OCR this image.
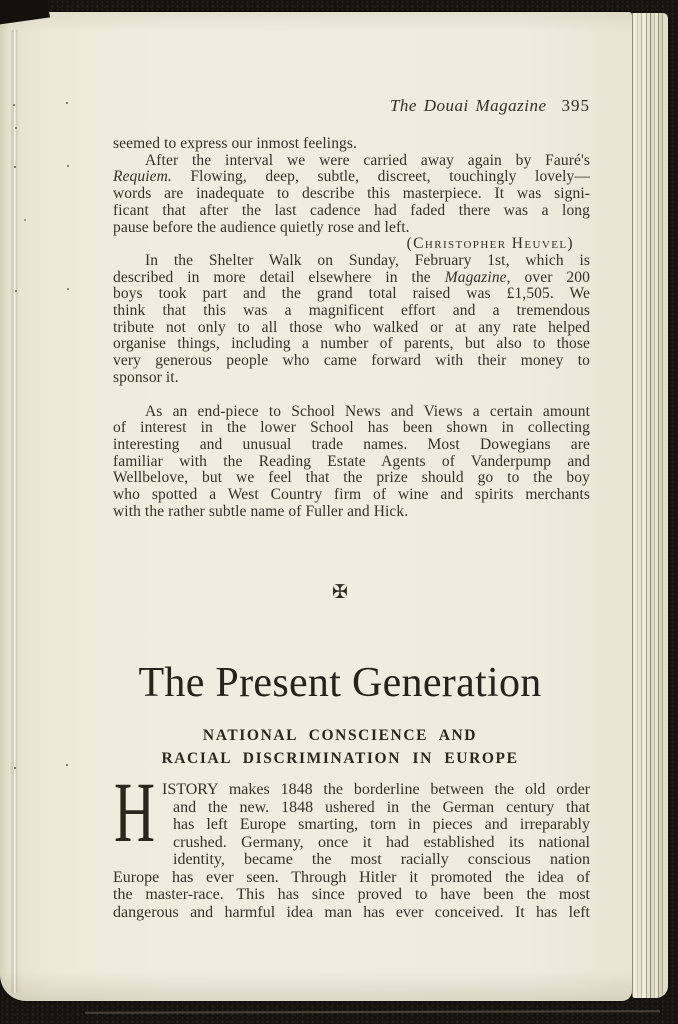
The Douai Magazine 395
seemed to express our inmost feelings.
After the interval we were carried away again by Fauré's
Requiem. Flowing, deep, subtle, discreet, touchingly lovely—
words are inadequate to describe this masterpiece. It was signi-
ficant that after the last cadence had faded there was a long
pause before the audience quietly rose and left.
(Christopher Heuvel)
In the Shelter Walk on Sunday, February 1st, which is
described in more detail elsewhere in the Magazine, over 200
boys took part and the grand total raised was £1,505. We
think that this was a magnificent effort and a tremendous
tribute not only to all those who walked or at any rate helped
organise things, including a number of parents, but also to those
very generous people who came forward with their money to
sponsor it.
As an end-piece to School News and Views a certain amount
of interest in the lower School has been shown in collecting
interesting and unusual trade names. Most Dowegians are
familiar with the Reading Estate Agents of Vanderpump and
Wellbelove, but we feel that the prize should go to the boy
who spotted a West Country firm of wine and spirits merchants
with the rather subtle name of Fuller and Hick.
✠
The Present Generation
NATIONAL CONSCIENCE AND
RACIAL DISCRIMINATION IN EUROPE
H ISTORY makes 1848 the borderline between the old order
and the new. 1848 ushered in the German century that
has left Europe smarting, torn in pieces and irreparably
crushed. Germany, once it had established its national
identity, became the most racially conscious nation
Europe has ever seen. Through Hitler it promoted the idea of
the master-race. This has since proved to have been the most
dangerous and harmful idea man has ever conceived. It has left
